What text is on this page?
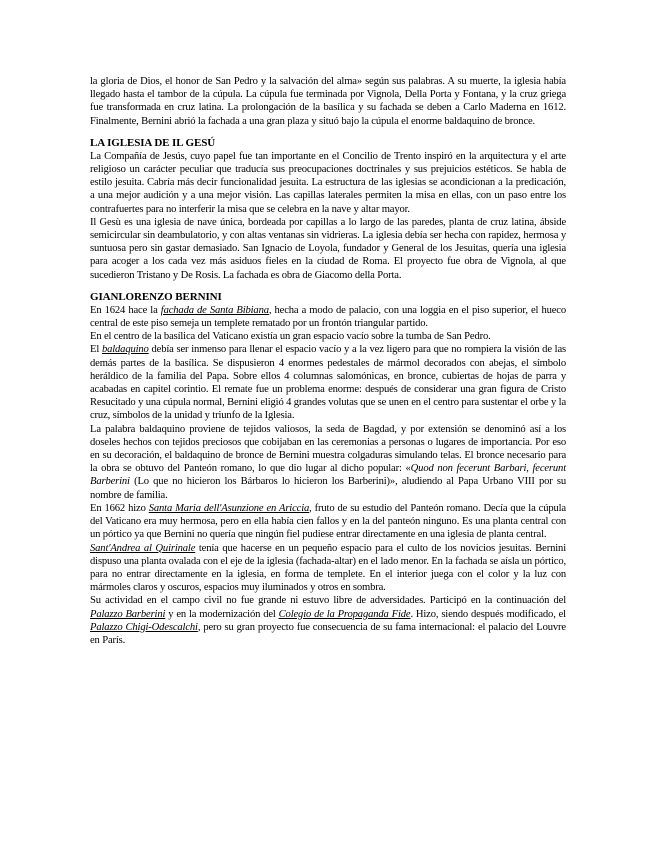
la gloria de Dios, el honor de San Pedro y la salvación del alma» según sus palabras. A su muerte, la iglesia había llegado hasta el tambor de la cúpula. La cúpula fue terminada por Vignola, Della Porta y Fontana, y la cruz griega fue transformada en cruz latina. La prolongación de la basílica y su fachada se deben a Carlo Maderna en 1612. Finalmente, Bernini abrió la fachada a una gran plaza y situó bajo la cúpula el enorme baldaquino de bronce.

LA IGLESIA DE IL GESÚ

La Compañía de Jesús, cuyo papel fue tan importante en el Concilio de Trento inspiró en la arquitectura y el arte religioso un carácter peculiar que traducía sus preocupaciones doctrinales y sus prejuicios estéticos. Se habla de estilo jesuita. Cabría más decir funcionalidad jesuita. La estructura de las iglesias se acondicionan a la predicación, a una mejor audición y a una mejor visión. Las capillas laterales permiten la misa en ellas, con un paso entre los contrafuertes para no interferir la misa que se celebra en la nave y altar mayor.

Il Gesù es una iglesia de nave única, bordeada por capillas a lo largo de las paredes, planta de cruz latina, ábside semicircular sin deambulatorio, y con altas ventanas sin vidrieras. La iglesia debía ser hecha con rapidez, hermosa y suntuosa pero sin gastar demasiado. San Ignacio de Loyola, fundador y General de los Jesuitas, quería una iglesia para acoger a los cada vez más asiduos fieles en la ciudad de Roma. El proyecto fue obra de Vignola, al que sucedieron Tristano y De Rosis. La fachada es obra de Giacomo della Porta.

GIANLORENZO BERNINI

En 1624 hace la fachada de Santa Bibiana, hecha a modo de palacio, con una loggia en el piso superior, el hueco central de este piso semeja un templete rematado por un frontón triangular partido.

En el centro de la basílica del Vaticano existía un gran espacio vacío sobre la tumba de San Pedro.

El baldaquino debía ser inmenso para llenar el espacio vacío y a la vez ligero para que no rompiera la visión de las demás partes de la basílica. Se dispusieron 4 enormes pedestales de mármol decorados con abejas, el símbolo heráldico de la familia del Papa. Sobre ellos 4 columnas salomónicas, en bronce, cubiertas de hojas de parra y acabadas en capitel corintio. El remate fue un problema enorme: después de considerar una gran figura de Cristo Resucitado y una cúpula normal, Bernini eligió 4 grandes volutas que se unen en el centro para sustentar el orbe y la cruz, símbolos de la unidad y triunfo de la Iglesia.

La palabra baldaquino proviene de tejidos valiosos, la seda de Bagdad, y por extensión se denominó así a los doseles hechos con tejidos preciosos que cobijaban en las ceremonias a personas o lugares de importancia. Por eso en su decoración, el baldaquino de bronce de Bernini muestra colgaduras simulando telas. El bronce necesario para la obra se obtuvo del Panteón romano, lo que dio lugar al dicho popular: «Quod non fecerunt Barbari, fecerunt Barberini (Lo que no hicieron los Bárbaros lo hicieron los Barberini)», aludiendo al Papa Urbano VIII por su nombre de familia.

En 1662 hizo Santa Maria dell'Asunzione en Ariccia, fruto de su estudio del Panteón romano. Decía que la cúpula del Vaticano era muy hermosa, pero en ella había cien fallos y en la del panteón ninguno. Es una planta central con un pórtico ya que Bernini no quería que ningún fiel pudiese entrar directamente en una iglesia de planta central.

Sant'Andrea al Quirinale tenía que hacerse en un pequeño espacio para el culto de los novicios jesuitas. Bernini dispuso una planta ovalada con el eje de la iglesia (fachada-altar) en el lado menor. En la fachada se aísla un pórtico, para no entrar directamente en la iglesia, en forma de templete. En el interior juega con el color y la luz con mármoles claros y oscuros, espacios muy iluminados y otros en sombra.

Su actividad en el campo civil no fue grande ni estuvo libre de adversidades. Participó en la continuación del Palazzo Barberini y en la modernización del Colegio de la Propaganda Fide. Hizo, siendo después modificado, el Palazzo Chigi-Odescalchi, pero su gran proyecto fue consecuencia de su fama internacional: el palacio del Louvre en París.
